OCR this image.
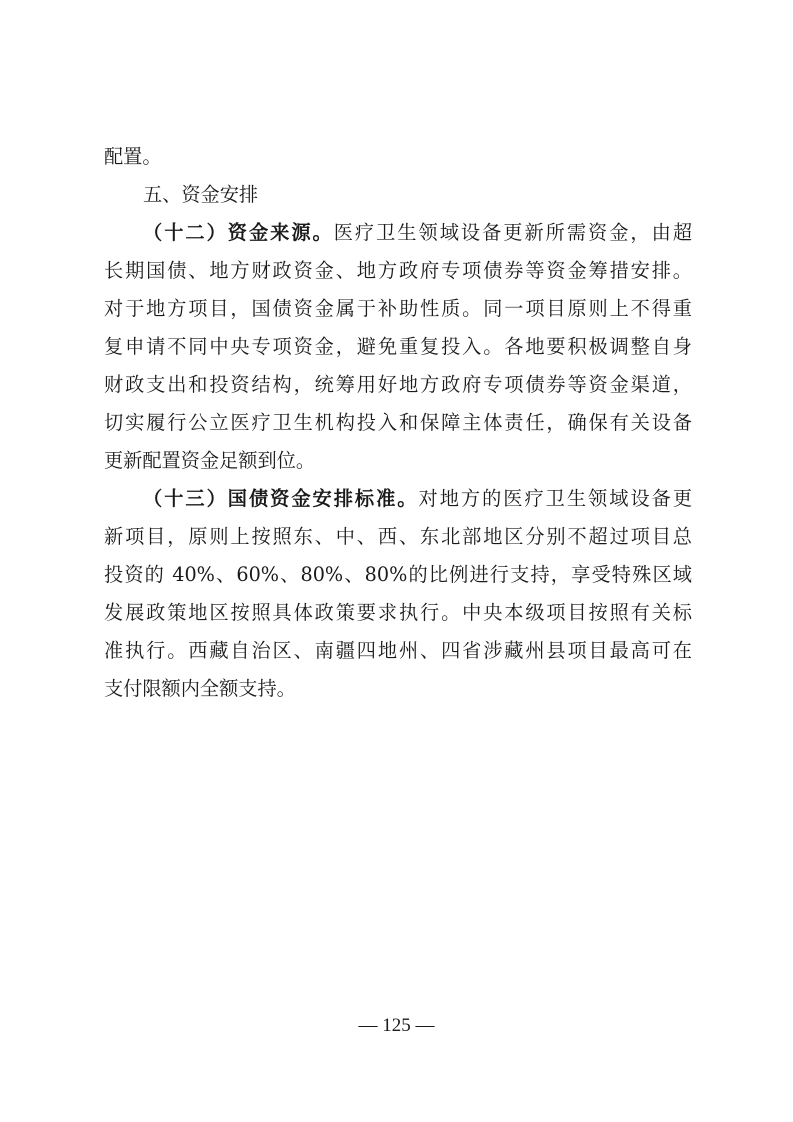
配置。
五、资金安排
（十二）资金来源。医疗卫生领域设备更新所需资金，由超
长期国债、地方财政资金、地方政府专项债券等资金筹措安排。
对于地方项目，国债资金属于补助性质。同一项目原则上不得重
复申请不同中央专项资金，避免重复投入。各地要积极调整自身
财政支出和投资结构，统筹用好地方政府专项债券等资金渠道，
切实履行公立医疗卫生机构投入和保障主体责任，确保有关设备
更新配置资金足额到位。
（十三）国债资金安排标准。对地方的医疗卫生领域设备更
新项目，原则上按照东、中、西、东北部地区分别不超过项目总
投资的 40%、60%、80%、80%的比例进行支持，享受特殊区域
发展政策地区按照具体政策要求执行。中央本级项目按照有关标
准执行。西藏自治区、南疆四地州、四省涉藏州县项目最高可在
支付限额内全额支持。
— 125 —
